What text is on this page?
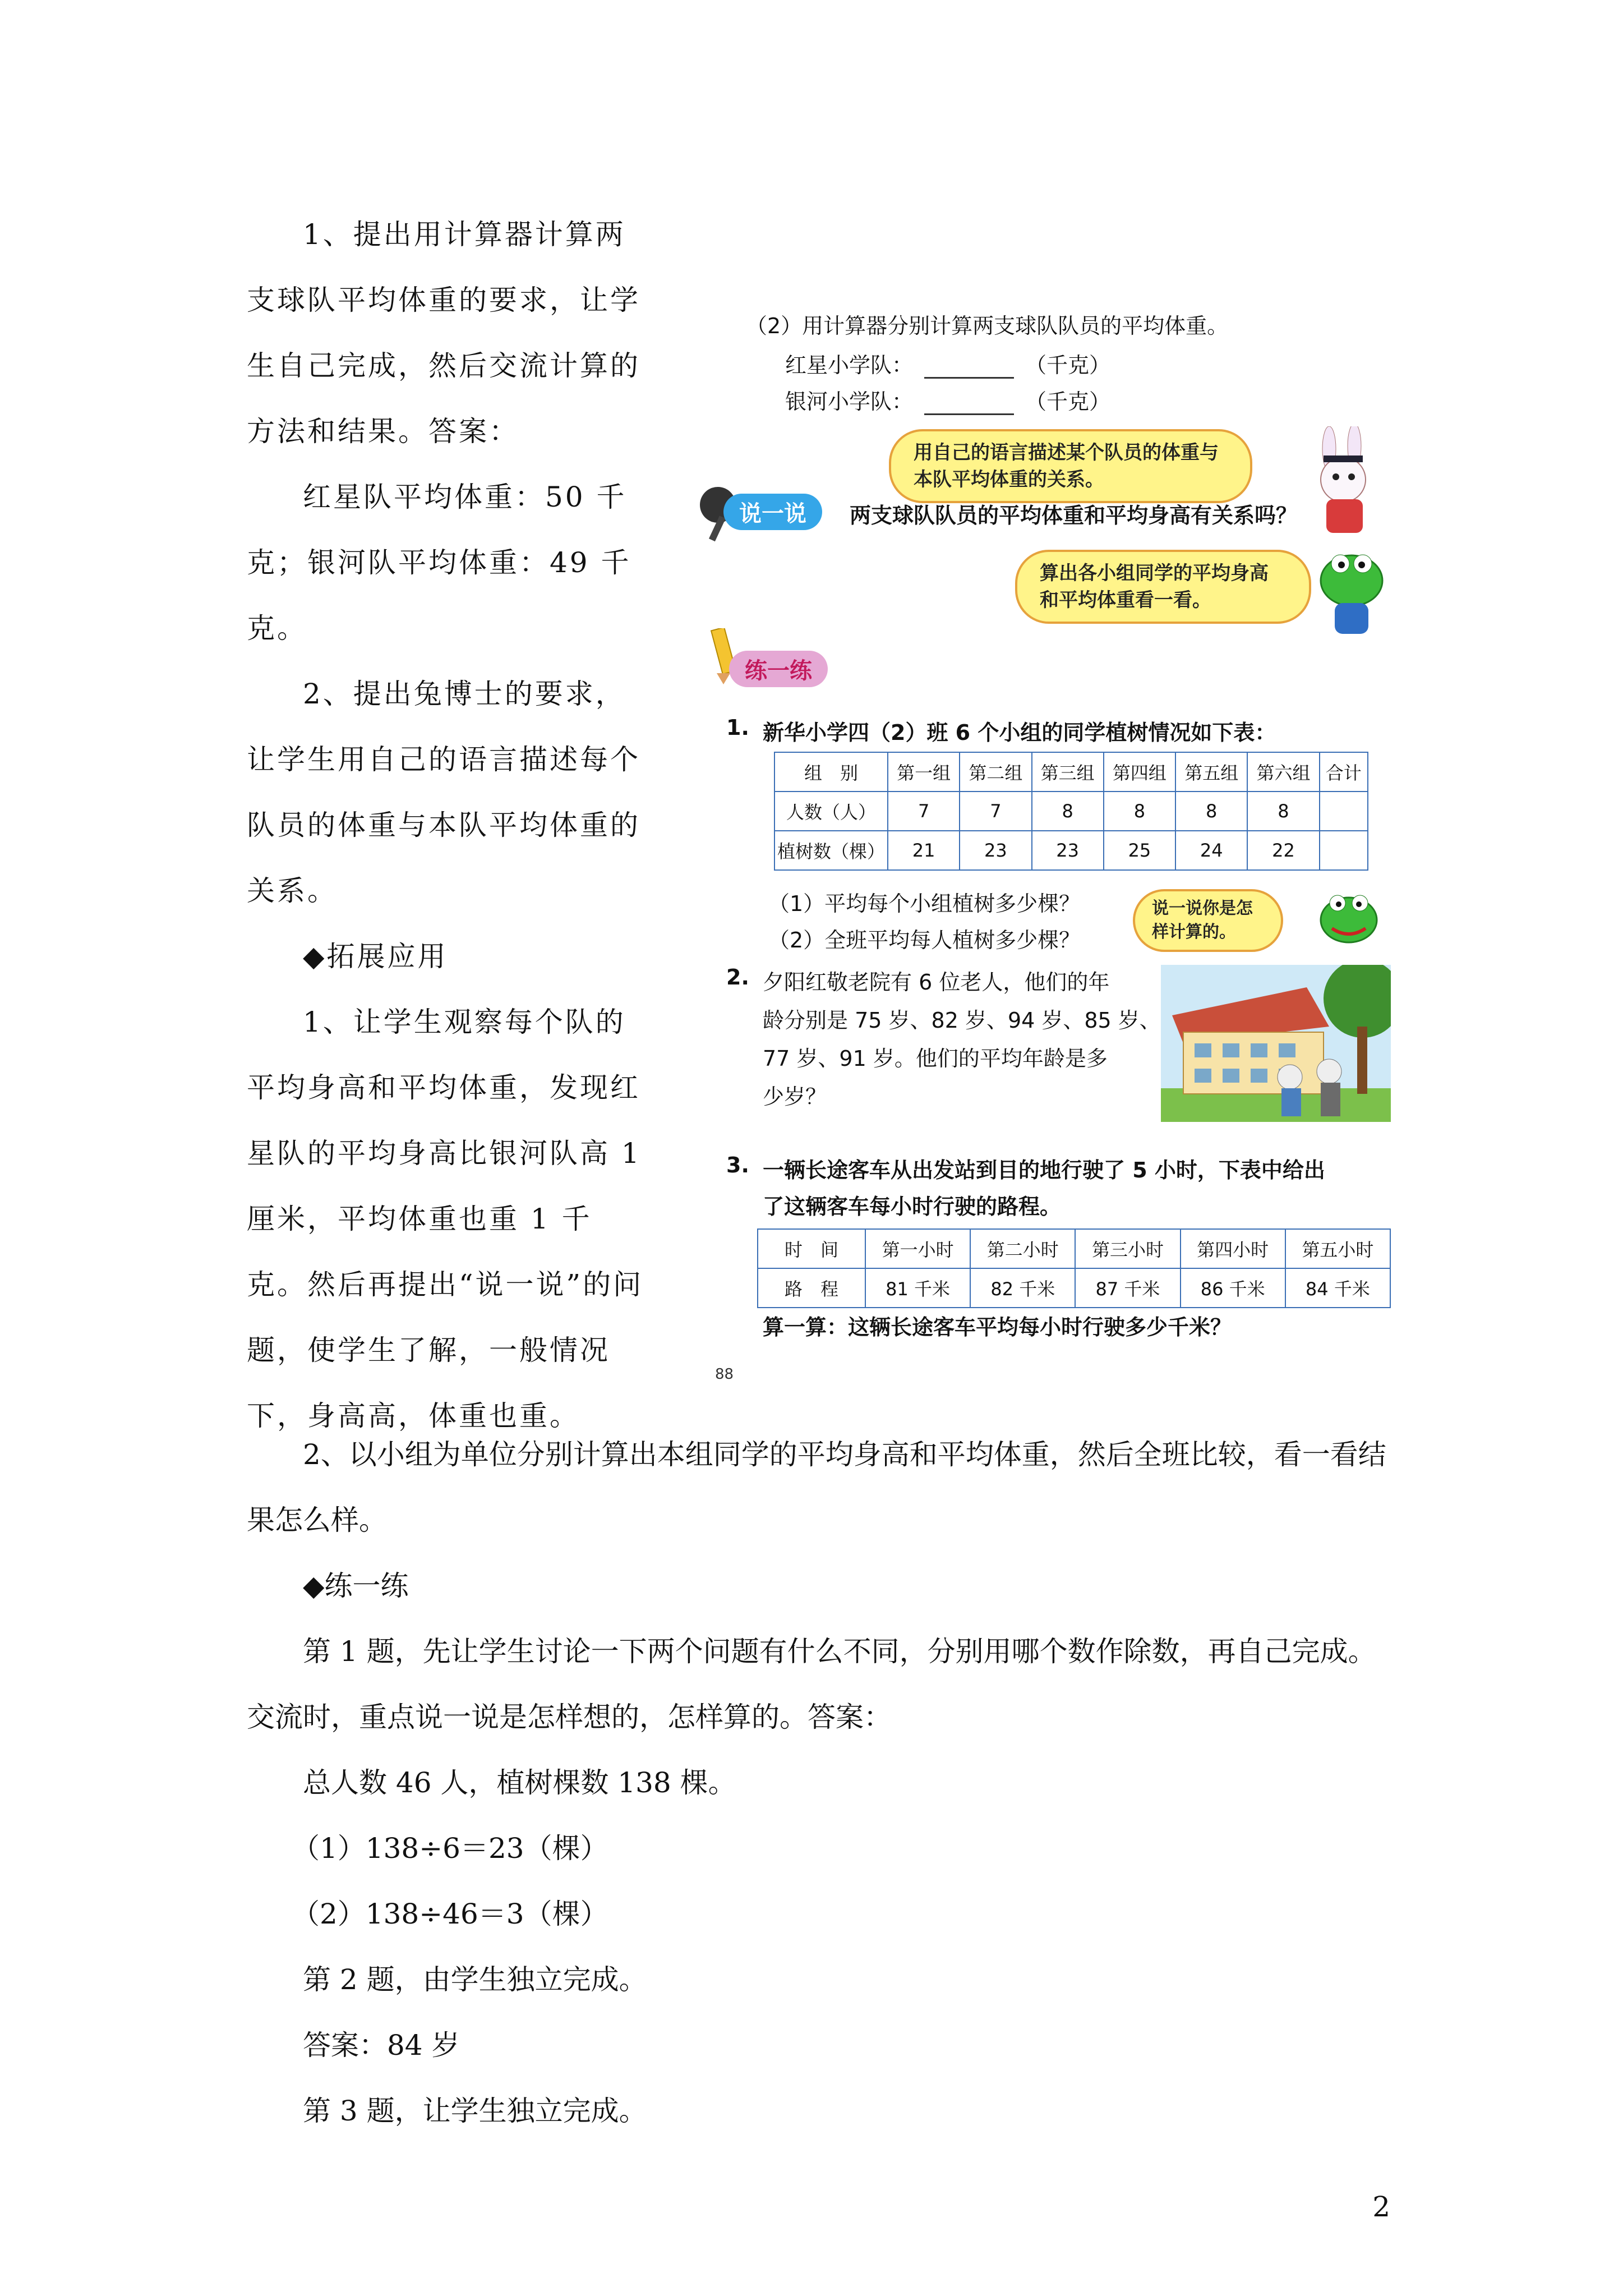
1、提出用计算器计算两支球队平均体重的要求，让学生自己完成，然后交流计算的方法和结果。答案：

红星队平均体重：50 千克；银河队平均体重：49 千克。

2、提出兔博士的要求，让学生用自己的语言描述每个队员的体重与本队平均体重的关系。

◆拓展应用

1、让学生观察每个队的平均身高和平均体重，发现红星队的平均身高比银河队高 1 厘米，平均体重也重 1 千克。然后再提出“说一说”的问题，使学生了解，一般情况下，身高高，体重也重。

2、以小组为单位分别计算出本组同学的平均身高和平均体重，然后全班比较，看一看结果怎么样。

◆练一练

第 1 题，先让学生讨论一下两个问题有什么不同，分别用哪个数作除数，再自己完成。交流时，重点说一说是怎样想的，怎样算的。答案：

总人数 46 人，植树棵数 138 棵。

（1）138÷6＝23（棵）

（2）138÷46＝3（棵）

第 2 题，由学生独立完成。

答案：84 岁

第 3 题，让学生独立完成。

2
（2）用计算器分别计算两支球队队员的平均体重。
红星小学队：	（千克）
银河小学队：	（千克）
用自己的语言描述某个队员的体重与本队平均体重的关系。
说一说	两支球队队员的平均体重和平均身高有关系吗？
算出各小组同学的平均身高和平均体重看一看。
练一练
1. 新华小学四（2）班 6 个小组的同学植树情况如下表：
组　别	第一组	第二组	第三组	第四组	第五组	第六组	合计
人数（人）	7	7	8	8	8	8	
植树数（棵）	21	23	23	25	24	22	
（1）平均每个小组植树多少棵？
（2）全班平均每人植树多少棵？
说一说你是怎样计算的。
2. 夕阳红敬老院有 6 位老人，他们的年
龄分别是 75 岁、82 岁、94 岁、85 岁、
77 岁、91 岁。他们的平均年龄是多
少岁？
3. 一辆长途客车从出发站到目的地行驶了 5 小时，下表中给出
了这辆客车每小时行驶的路程。
时　间	第一小时	第二小时	第三小时	第四小时	第五小时
路　程	81 千米	82 千米	87 千米	86 千米	84 千米
算一算：这辆长途客车平均每小时行驶多少千米？
88
